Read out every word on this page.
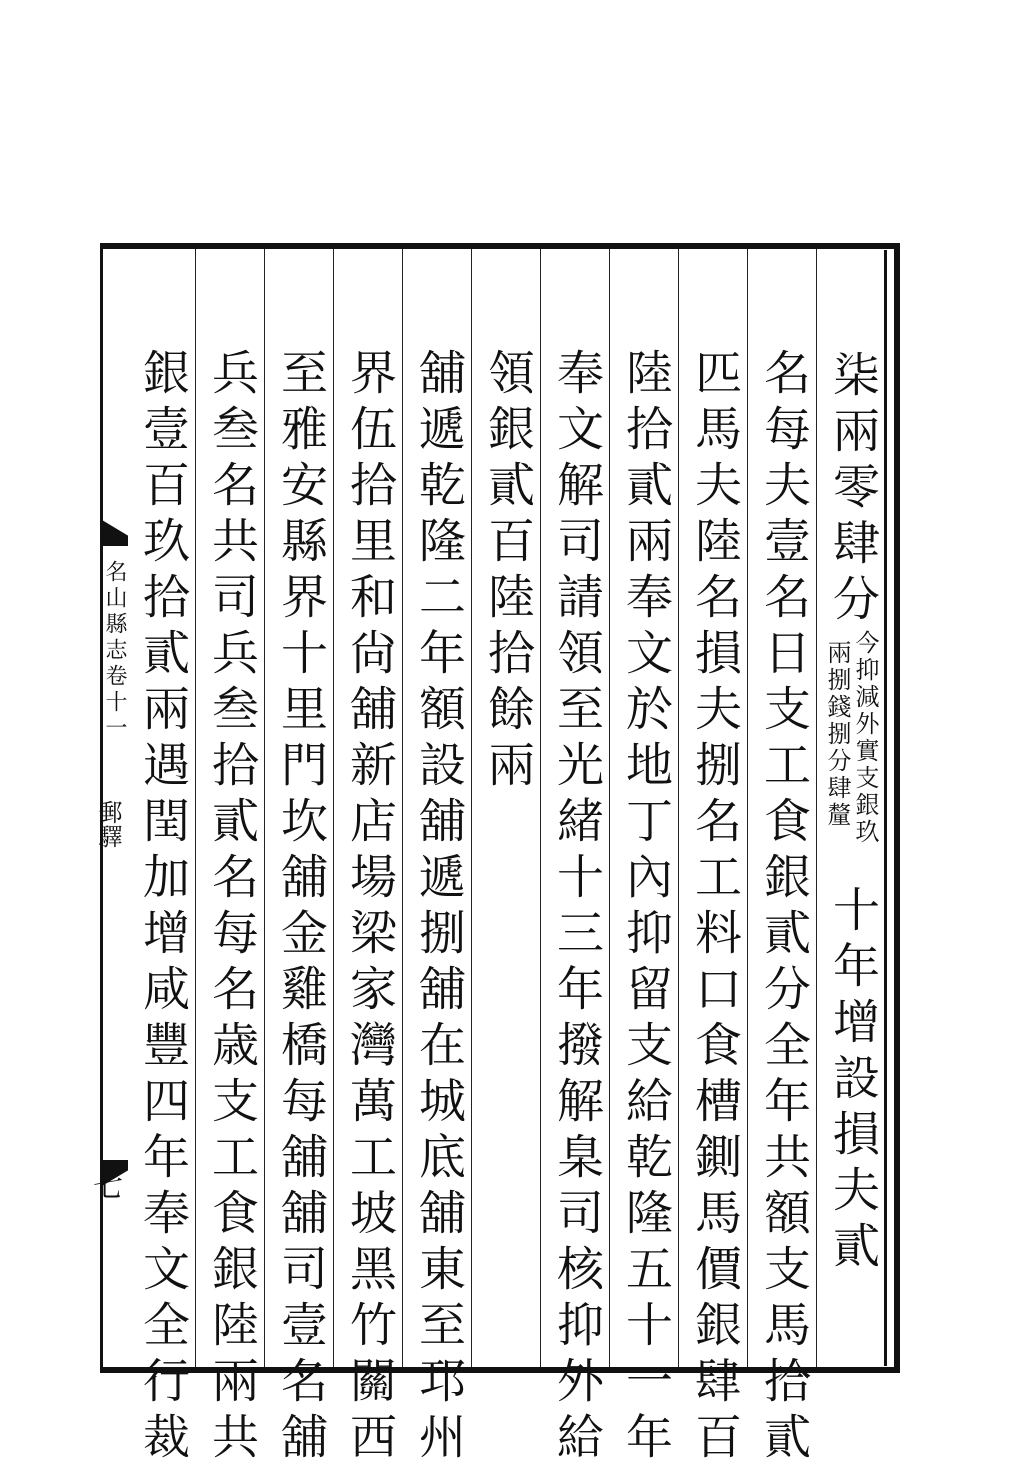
柒兩零肆分
今抑減外實支銀玖
兩捌錢捌分肆釐
十年增設損夫貳
名每夫壹名日支工食銀貳分全年共額支馬拾貳
匹馬夫陸名損夫捌名工料口食槽鍘馬價銀肆百
陸拾貳兩奉文於地丁內抑留支給乾隆五十一年
奉文解司請領至光緒十三年撥解臬司核抑外給
領銀貳百陸拾餘兩
舖遞乾隆二年額設舖遞捌舖在城底舖東至邛州
界伍拾里和尙舖新店場梁家灣萬工坡黑竹關西
至雅安縣界十里門坎舖金雞橋每舖舖司壹名舖
兵叁名共司兵叁拾貳名每名歳支工食銀陸兩共
銀壹百玖拾貳兩遇閏加增咸豐四年奉文全行裁
名山縣志卷十一
郵驛
七
